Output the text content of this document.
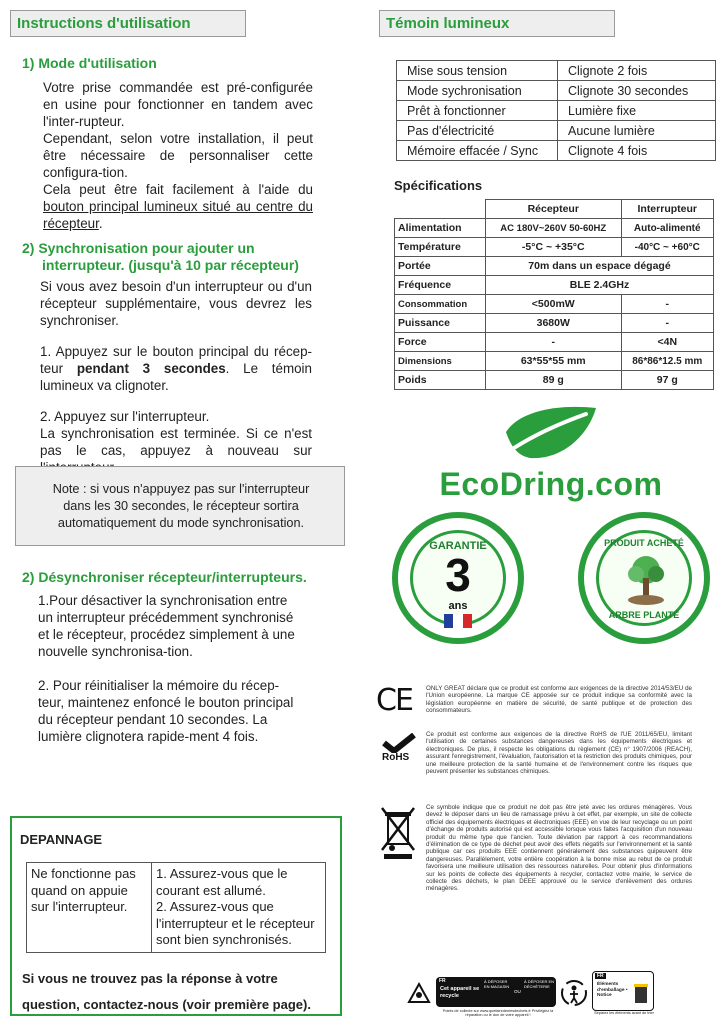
Instructions d'utilisation
1) Mode d'utilisation

Votre prise commandée est pré-configurée en usine pour fonctionner en tandem avec l'inter-rupteur.

Cependant, selon votre installation, il peut être nécessaire de personnaliser cette configura-tion.

Cela peut être fait facilement à l'aide du bouton principal lumineux situé au centre du récepteur.

2) Synchronisation pour ajouter un
interrupteur. (jusqu'à 10 par récepteur)

Si vous avez besoin d'un interrupteur ou d'un récepteur supplémentaire, vous devrez les synchroniser.

1. Appuyez sur le bouton principal du récep-teur pendant 3 secondes. Le témoin lumineux va clignoter.

2. Appuyez sur l'interrupteur.

La synchronisation est terminée. Si ce n'est pas le cas, appuyez à nouveau sur

Note : si vous n'appuyez pas sur l'interrupteur dans les 30 secondes, le récepteur sortira automatiquement du mode synchronisation.
2) Désynchroniser récepteur/interrupteurs.

1.Pour désactiver la synchronisation entre un interrupteur précédemment synchronisé et le récepteur, procédez simplement à une nouvelle synchronisa-tion.

2. Pour réinitialiser la mémoire du récep-teur, maintenez enfoncé le bouton principal du récepteur pendant 10 secondes. La lumière clignotera rapide-ment 4 fois.

DEPANNAGE
Ne fonctionne pas quand on appuie sur l'interrupteur.	
1. Assurez-vous que le courant est allumé.
2. Assurez-vous que l'interrupteur et le récepteur sont bien synchronisés.
Si vous ne trouvez pas la réponse à votre
question, contactez-nous (voir première page).
Témoin lumineux
Mise sous tension	Clignote 2 fois
Mode sychronisation	Clignote 30 secondes
Prêt à fonctionner	Lumière fixe
Pas d'électricité	Aucune lumière
Mémoire effacée / Sync	Clignote 4 fois
Spécifications
	Récepteur	Interrupteur
Alimentation	AC 180V~260V 50-60HZ	Auto-alimenté
Température	-5°C ~ +35°C	-40°C ~ +60°C
Portée	70m dans un espace dégagé	
Fréquence	BLE 2.4GHz	
Consommation	<500mW	-
Puissance	3680W	-
Force	-	<4N
Dimensions	63*55*55 mm	86*86*12.5 mm
Poids	89 g	97 g
EcoDring.com
GARANTIE
3
ans
PRODUIT ACHETÉ
ARBRE PLANTÉ
CE ONLY GREAT déclare que ce produit est conforme aux exigences de la directive 2014/53/EU de l'Union européenne. La marque CE apposée sur ce produit indique sa conformité avec la législation européenne en matière de sécurité, de santé publique et de protection des consommateurs.
RoHS
Ce produit est conforme aux exigences de la directive RoHS de l'UE 2011/65/EU, limitant l'utilisation de certaines substances dangereuses dans les équipements électriques et électroniques. De plus, il respecte les obligations du règlement (CE) n° 1907/2006 (REACH), assurant l'enregistrement, l'évaluation, l'autorisation et la restriction des produits chimiques, pour une meilleure protection de la santé humaine et de l'environnement contre les risques que peuvent présenter les substances chimiques.
Ce symbole indique que ce produit ne doit pas être jeté avec les ordures ménagères. Vous devez le déposer dans un lieu de ramassage prévu à cet effet, par exemple, un site de collecte officiel des équipements électriques et électroniques (EEE) en vue de leur recyclage ou un point d'échange de produits autorisé qui est accessible lorsque vous faites l'acquisition d'un nouveau produit du même type que l'ancien. Toute déviation par rapport à ces recommandations d'élimination de ce type de déchet peut avoir des effets négatifs sur l'environnement et la santé publique car ces produits EEE contiennent généralement des substances quipeuvent être dangereuses. Parallèlement, votre entière coopération à la bonne mise au rebut de ce produit favorisera une meilleure utilisation des ressources naturelles. Pour obtenir plus d'informations sur les points de collecte des équipements à recycler, contactez votre mairie, le service de collecte des déchets, le plan DEEE approuvé ou le service d'enlèvement des ordures ménagères.
FR
Cet appareil se recycle
À DÉPOSER EN MAGASIN
OU
À DÉPOSER EN DÉCHÈTERIE
Points de collecte sur www.quefairedemesdechets.fr Privilégiez la réparation ou le don de votre appareil !
FR
Éléments d'emballage • Notice
Séparez les éléments avant de trier
